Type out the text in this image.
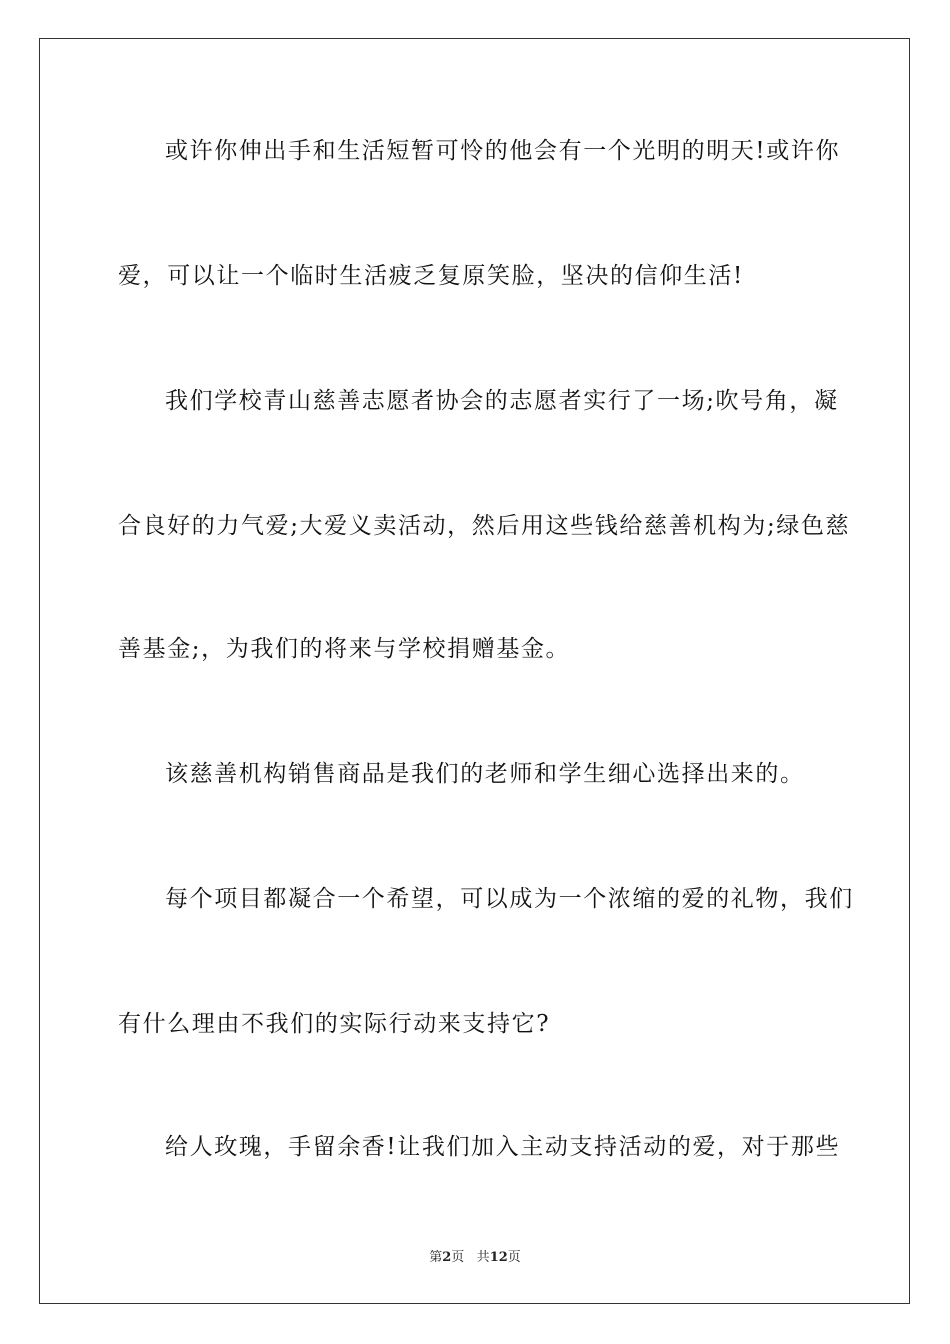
或许你伸出手和生活短暂可怜的他会有一个光明的明天!或许你
爱，可以让一个临时生活疲乏复原笑脸，坚决的信仰生活!
我们学校青山慈善志愿者协会的志愿者实行了一场;吹号角，凝
合良好的力气爱;大爱义卖活动，然后用这些钱给慈善机构为;绿色慈
善基金;，为我们的将来与学校捐赠基金。
该慈善机构销售商品是我们的老师和学生细心选择出来的。
每个项目都凝合一个希望，可以成为一个浓缩的爱的礼物，我们
有什么理由不我们的实际行动来支持它?
给人玫瑰，手留余香!让我们加入主动支持活动的爱，对于那些
第2页 共12页
